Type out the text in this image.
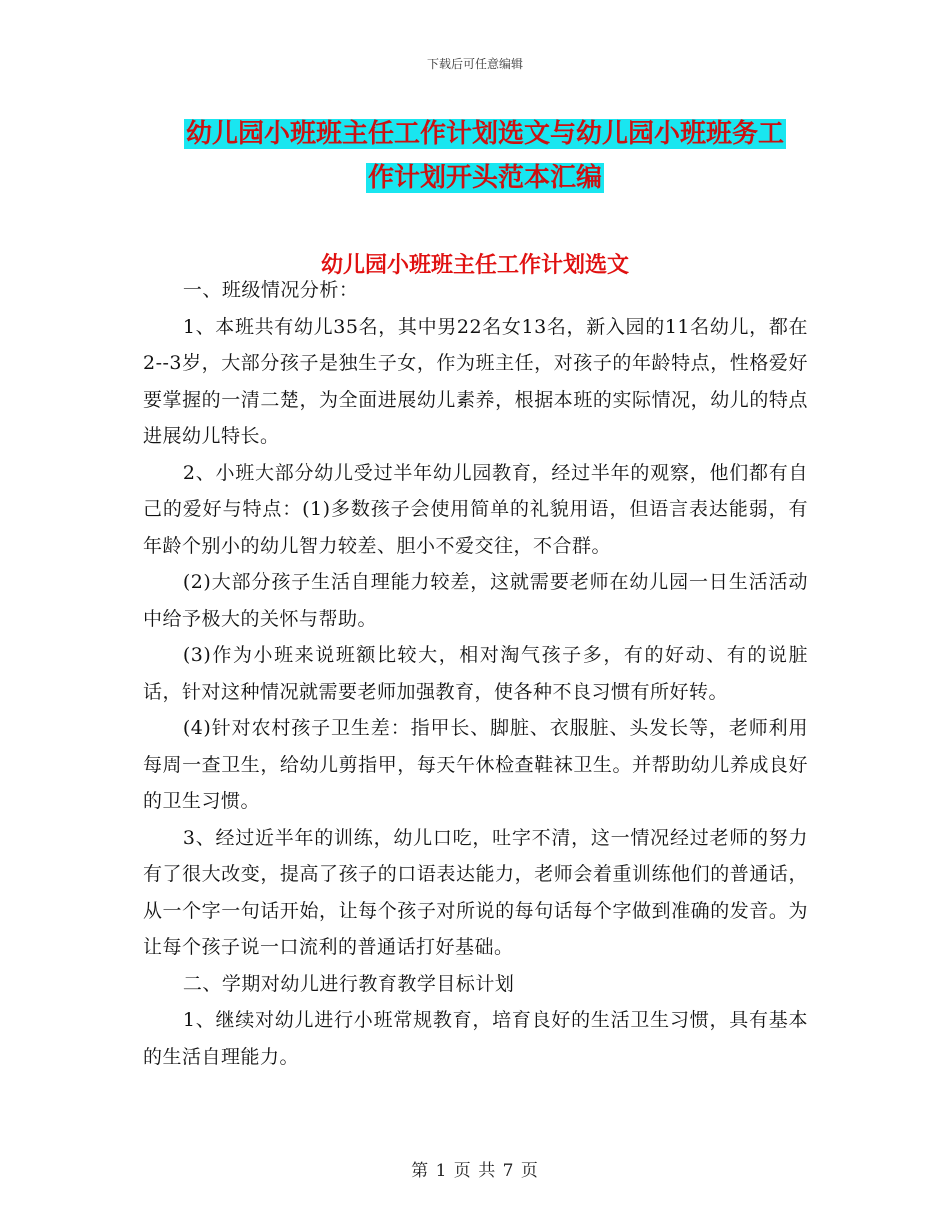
下载后可任意编辑
幼儿园小班班主任工作计划选文与幼儿园小班班务工
作计划开头范本汇编
幼儿园小班班主任工作计划选文

一、班级情况分析：

1、本班共有幼儿35名，其中男22名女13名，新入园的11名幼儿，都在2--3岁，大部分孩子是独生子女，作为班主任，对孩子的年龄特点，性格爱好要掌握的一清二楚，为全面进展幼儿素养，根据本班的实际情况，幼儿的特点进展幼儿特长。

2、小班大部分幼儿受过半年幼儿园教育，经过半年的观察，他们都有自己的爱好与特点：(1)多数孩子会使用简单的礼貌用语，但语言表达能弱，有年龄个别小的幼儿智力较差、胆小不爱交往，不合群。

(2)大部分孩子生活自理能力较差，这就需要老师在幼儿园一日生活活动中给予极大的关怀与帮助。

(3)作为小班来说班额比较大，相对淘气孩子多，有的好动、有的说脏话，针对这种情况就需要老师加强教育，使各种不良习惯有所好转。

(4)针对农村孩子卫生差：指甲长、脚脏、衣服脏、头发长等，老师利用每周一查卫生，给幼儿剪指甲，每天午休检查鞋袜卫生。并帮助幼儿养成良好的卫生习惯。

3、经过近半年的训练，幼儿口吃，吐字不清，这一情况经过老师的努力有了很大改变，提高了孩子的口语表达能力，老师会着重训练他们的普通话，从一个字一句话开始，让每个孩子对所说的每句话每个字做到准确的发音。为让每个孩子说一口流利的普通话打好基础。

二、学期对幼儿进行教育教学目标计划

1、继续对幼儿进行小班常规教育，培育良好的生活卫生习惯，具有基本的生活自理能力。

第 1 页 共 7 页
